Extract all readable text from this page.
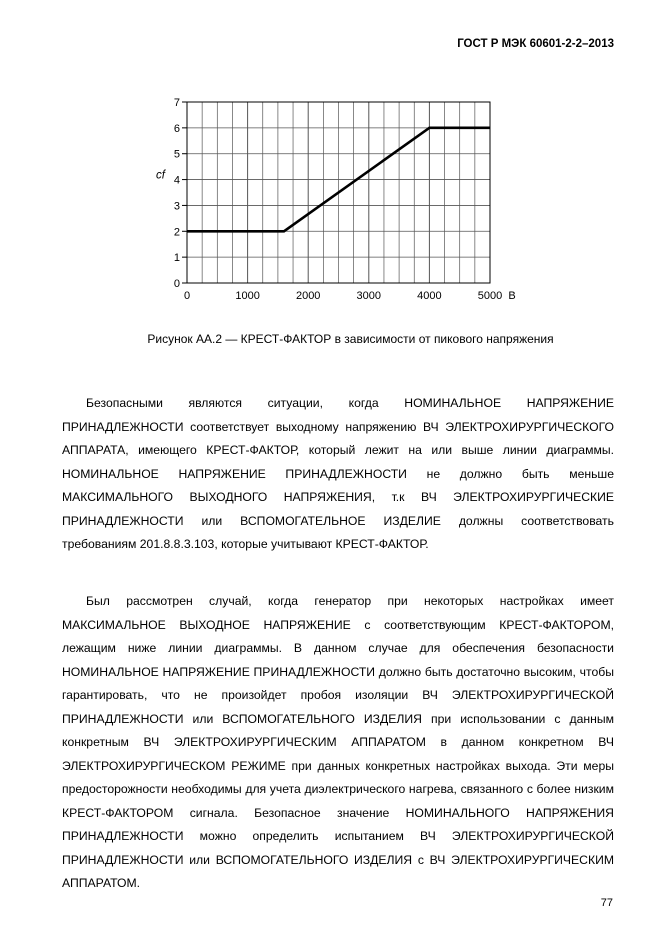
ГОСТ Р МЭК 60601-2-2–2013
0
1
2
3
4
5
6
7
0	1000	2000	3000	4000	5000
cf
В
Рисунок АА.2 — КРЕСТ-ФАКТОР в зависимости от пикового напряжения

Безопасными являются ситуации, когда НОМИНАЛЬНОЕ НАПРЯЖЕНИЕ ПРИНАДЛЕЖНОСТИ соответствует выходному напряжению ВЧ ЭЛЕКТРОХИРУРГИЧЕСКОГО АППАРАТА, имеющего КРЕСТ-ФАКТОР, который лежит на или выше линии диаграммы. НОМИНАЛЬНОЕ НАПРЯЖЕНИЕ ПРИНАДЛЕЖНОСТИ не должно быть меньше МАКСИМАЛЬНОГО ВЫХОДНОГО НАПРЯЖЕНИЯ, т.к ВЧ ЭЛЕКТРОХИРУРГИЧЕСКИЕ ПРИНАДЛЕЖНОСТИ или ВСПОМОГАТЕЛЬНОЕ ИЗДЕЛИЕ должны соответствовать требованиям 201.8.8.3.103, которые учитывают КРЕСТ-ФАКТОР.

Был рассмотрен случай, когда генератор при некоторых настройках имеет МАКСИМАЛЬНОЕ ВЫХОДНОЕ НАПРЯЖЕНИЕ с соответствующим КРЕСТ-ФАКТОРОМ, лежащим ниже линии диаграммы. В данном случае для обеспечения безопасности НОМИНАЛЬНОЕ НАПРЯЖЕНИЕ ПРИНАДЛЕЖНОСТИ должно быть достаточно высоким, чтобы гарантировать, что не произойдет пробоя изоляции ВЧ ЭЛЕКТРОХИРУРГИЧЕСКОЙ ПРИНАДЛЕЖНОСТИ или ВСПОМОГАТЕЛЬНОГО ИЗДЕЛИЯ при использовании с данным конкретным ВЧ ЭЛЕКТРОХИРУРГИЧЕСКИМ АППАРАТОМ в данном конкретном ВЧ ЭЛЕКТРОХИРУРГИЧЕСКОМ РЕЖИМЕ при данных конкретных настройках выхода. Эти меры предосторожности необходимы для учета диэлектрического нагрева, связанного с более низким КРЕСТ-ФАКТОРОМ сигнала. Безопасное значение НОМИНАЛЬНОГО НАПРЯЖЕНИЯ ПРИНАДЛЕЖНОСТИ можно определить испытанием ВЧ ЭЛЕКТРОХИРУРГИЧЕСКОЙ ПРИНАДЛЕЖНОСТИ или ВСПОМОГАТЕЛЬНОГО ИЗДЕЛИЯ с ВЧ ЭЛЕКТРОХИРУРГИЧЕСКИМ АППАРАТОМ.

77
